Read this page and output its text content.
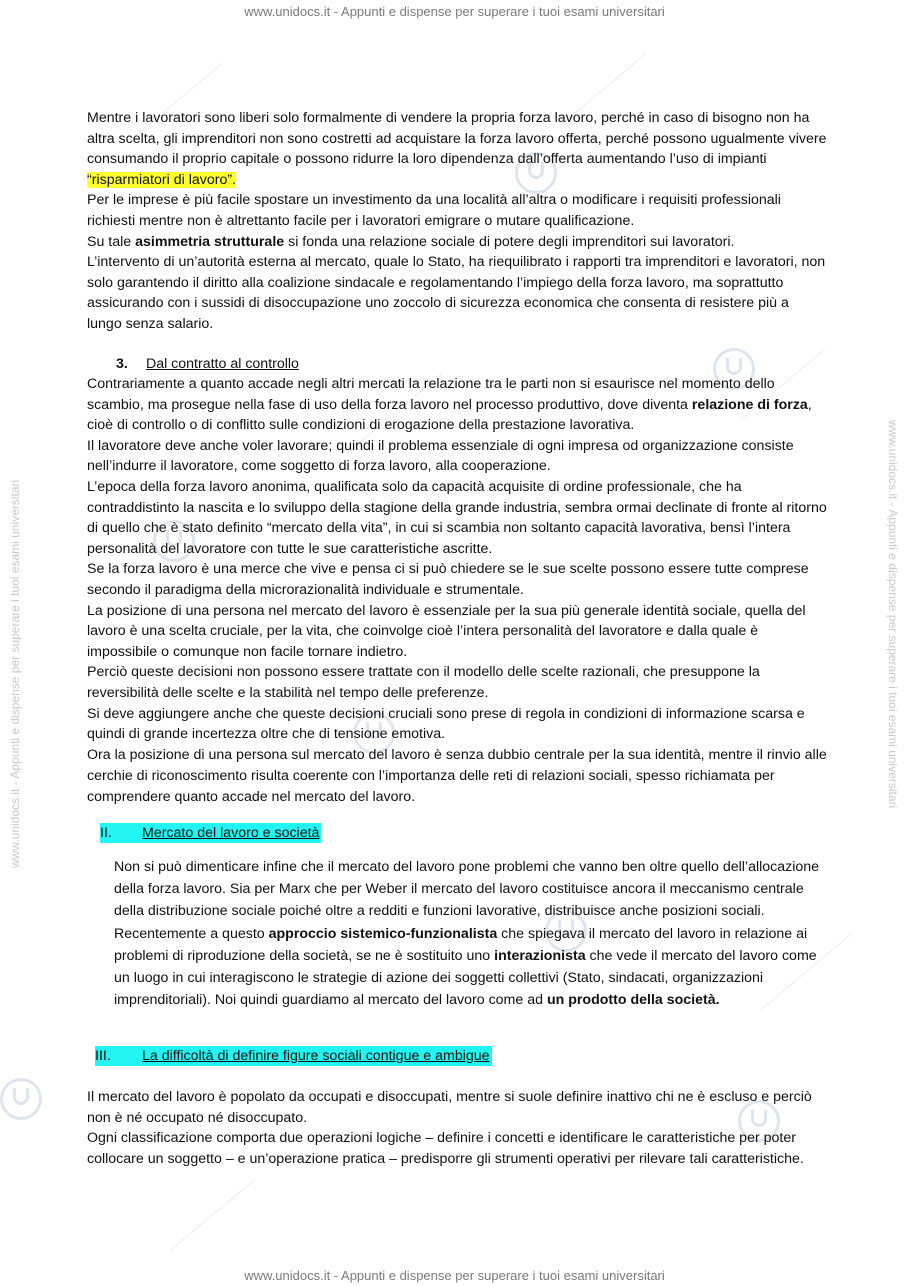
www.unidocs.it - Appunti e dispense per superare i tuoi esami universitari
www.unidocs.it - Appunti e dispense per superare i tuoi esami universitari
www.unidocs.it - Appunti e dispense per superare i tuoi esami universitari	www.unidocs.it - Appunti e dispense per superare i tuoi esami universitari

Mentre i lavoratori sono liberi solo formalmente di vendere la propria forza lavoro, perché in caso di bisogno non ha altra scelta, gli imprenditori non sono costretti ad acquistare la forza lavoro offerta, perché possono ugualmente vivere consumando il proprio capitale o possono ridurre la loro dipendenza dall’offerta aumentando l’uso di impianti “risparmiatori di lavoro”.

Per le imprese è più facile spostare un investimento da una località all’altra o modificare i requisiti professionali richiesti mentre non è altrettanto facile per i lavoratori emigrare o mutare qualificazione.

Su tale asimmetria strutturale si fonda una relazione sociale di potere degli imprenditori sui lavoratori.

L’intervento di un’autorità esterna al mercato, quale lo Stato, ha riequilibrato i rapporti tra imprenditori e lavoratori, non solo garantendo il diritto alla coalizione sindacale e regolamentando l’impiego della forza lavoro, ma soprattutto assicurando con i sussidi di disoccupazione uno zoccolo di sicurezza economica che consenta di resistere più a lungo senza salario.

3. Dal contratto al controllo

Contrariamente a quanto accade negli altri mercati la relazione tra le parti non si esaurisce nel momento dello scambio, ma prosegue nella fase di uso della forza lavoro nel processo produttivo, dove diventa relazione di forza, cioè di controllo o di conflitto sulle condizioni di erogazione della prestazione lavorativa.

Il lavoratore deve anche voler lavorare; quindi il problema essenziale di ogni impresa od organizzazione consiste nell’indurre il lavoratore, come soggetto di forza lavoro, alla cooperazione.

L’epoca della forza lavoro anonima, qualificata solo da capacità acquisite di ordine professionale, che ha contraddistinto la nascita e lo sviluppo della stagione della grande industria, sembra ormai declinate di fronte al ritorno di quello che è stato definito “mercato della vita”, in cui si scambia non soltanto capacità lavorativa, bensì l’intera personalità del lavoratore con tutte le sue caratteristiche ascritte.

Se la forza lavoro è una merce che vive e pensa ci si può chiedere se le sue scelte possono essere tutte comprese secondo il paradigma della microrazionalità individuale e strumentale.

La posizione di una persona nel mercato del lavoro è essenziale per la sua più generale identità sociale, quella del lavoro è una scelta cruciale, per la vita, che coinvolge cioè l’intera personalità del lavoratore e dalla quale è impossibile o comunque non facile tornare indietro.

Perciò queste decisioni non possono essere trattate con il modello delle scelte razionali, che presuppone la reversibilità delle scelte e la stabilità nel tempo delle preferenze.

Si deve aggiungere anche che queste decisioni cruciali sono prese di regola in condizioni di informazione scarsa e quindi di grande incertezza oltre che di tensione emotiva.

Ora la posizione di una persona sul mercato del lavoro è senza dubbio centrale per la sua identità, mentre il rinvio alle cerchie di riconoscimento risulta coerente con l’importanza delle reti di relazioni sociali, spesso richiamata per comprendere quanto accade nel mercato del lavoro.

II. Mercato del lavoro e società

Non si può dimenticare infine che il mercato del lavoro pone problemi che vanno ben oltre quello dell’allocazione della forza lavoro. Sia per Marx che per Weber il mercato del lavoro costituisce ancora il meccanismo centrale della distribuzione sociale poiché oltre a redditi e funzioni lavorative, distribuisce anche posizioni sociali. Recentemente a questo approccio sistemico-funzionalista che spiegava il mercato del lavoro in relazione ai problemi di riproduzione della società, se ne è sostituito uno interazionista che vede il mercato del lavoro come un luogo in cui interagiscono le strategie di azione dei soggetti collettivi (Stato, sindacati, organizzazioni imprenditoriali). Noi quindi guardiamo al mercato del lavoro come ad un prodotto della società.

III. La difficoltà di definire figure sociali contigue e ambigue

Il mercato del lavoro è popolato da occupati e disoccupati, mentre si suole definire inattivo chi ne è escluso e perciò non è né occupato né disoccupato.

Ogni classificazione comporta due operazioni logiche – definire i concetti e identificare le caratteristiche per poter collocare un soggetto – e un’operazione pratica – predisporre gli strumenti operativi per rilevare tali caratteristiche.
